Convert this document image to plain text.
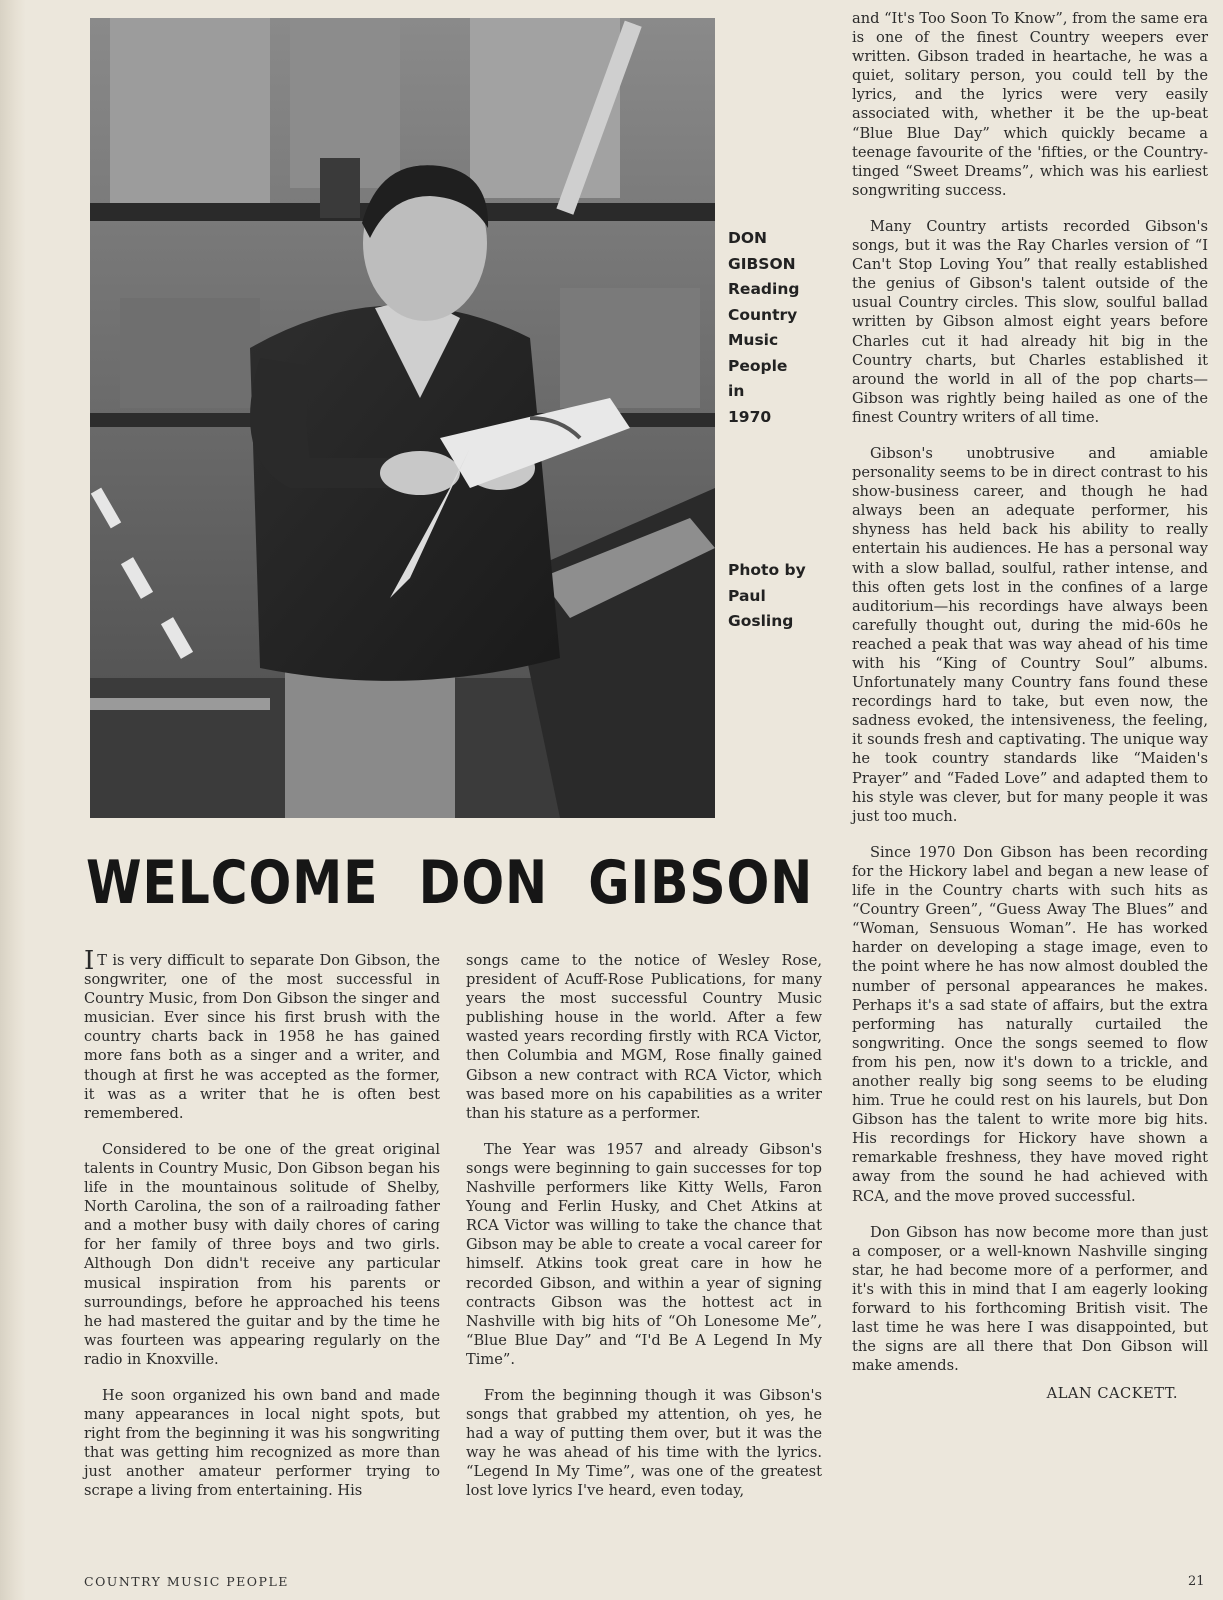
DON
GIBSON
Reading
Country
Music
People
in
1970
Photo by
Paul
Gosling
WELCOME DON GIBSON

I T is very difficult to separate Don Gibson, the songwriter, one of the most successful in Country Music, from Don Gibson the singer and musician. Ever since his first brush with the country charts back in 1958 he has gained more fans both as a singer and a writer, and though at first he was accepted as the former, it was as a writer that he is often best remembered.

Considered to be one of the great original talents in Country Music, Don Gibson began his life in the mountainous solitude of Shelby, North Carolina, the son of a railroading father and a mother busy with daily chores of caring for her family of three boys and two girls. Although Don didn't receive any particular musical inspiration from his parents or surroundings, before he approached his teens he had mastered the guitar and by the time he was fourteen was appearing regularly on the radio in Knoxville.

He soon organized his own band and made many appearances in local night spots, but right from the beginning it was his songwriting that was getting him recognized as more than just another amateur performer trying to scrape a living from entertaining. His

songs came to the notice of Wesley Rose, president of Acuff-Rose Publications, for many years the most successful Country Music publishing house in the world. After a few wasted years recording firstly with RCA Victor, then Columbia and MGM, Rose finally gained Gibson a new contract with RCA Victor, which was based more on his capabilities as a writer than his stature as a performer.

The Year was 1957 and already Gibson's songs were beginning to gain successes for top Nashville performers like Kitty Wells, Faron Young and Ferlin Husky, and Chet Atkins at RCA Victor was willing to take the chance that Gibson may be able to create a vocal career for himself. Atkins took great care in how he recorded Gibson, and within a year of signing contracts Gibson was the hottest act in Nashville with big hits of “Oh Lonesome Me”, “Blue Blue Day” and “I'd Be A Legend In My Time”.

From the beginning though it was Gibson's songs that grabbed my attention, oh yes, he had a way of putting them over, but it was the way he was ahead of his time with the lyrics. “Legend In My Time”, was one of the greatest lost love lyrics I've heard, even today,

and “It's Too Soon To Know”, from the same era is one of the finest Country weepers ever written. Gibson traded in heartache, he was a quiet, solitary person, you could tell by the lyrics, and the lyrics were very easily associated with, whether it be the up-beat “Blue Blue Day” which quickly became a teenage favourite of the 'fifties, or the Country-tinged “Sweet Dreams”, which was his earliest songwriting success.

Many Country artists recorded Gibson's songs, but it was the Ray Charles version of “I Can't Stop Loving You” that really established the genius of Gibson's talent outside of the usual Country circles. This slow, soulful ballad written by Gibson almost eight years before Charles cut it had already hit big in the Country charts, but Charles established it around the world in all of the pop charts—Gibson was rightly being hailed as one of the finest Country writers of all time.

Gibson's unobtrusive and amiable personality seems to be in direct contrast to his show-business career, and though he had always been an adequate performer, his shyness has held back his ability to really entertain his audiences. He has a personal way with a slow ballad, soulful, rather intense, and this often gets lost in the confines of a large auditorium—his recordings have always been carefully thought out, during the mid-60s he reached a peak that was way ahead of his time with his “King of Country Soul” albums. Unfortunately many Country fans found these recordings hard to take, but even now, the sadness evoked, the intensiveness, the feeling, it sounds fresh and captivating. The unique way he took country standards like “Maiden's Prayer” and “Faded Love” and adapted them to his style was clever, but for many people it was just too much.

Since 1970 Don Gibson has been recording for the Hickory label and began a new lease of life in the Country charts with such hits as “Country Green”, “Guess Away The Blues” and “Woman, Sensuous Woman”. He has worked harder on developing a stage image, even to the point where he has now almost doubled the number of personal appearances he makes. Perhaps it's a sad state of affairs, but the extra performing has naturally curtailed the songwriting. Once the songs seemed to flow from his pen, now it's down to a trickle, and another really big song seems to be eluding him. True he could rest on his laurels, but Don Gibson has the talent to write more big hits. His recordings for Hickory have shown a remarkable freshness, they have moved right away from the sound he had achieved with RCA, and the move proved successful.

Don Gibson has now become more than just a composer, or a well-known Nashville singing star, he had become more of a performer, and it's with this in mind that I am eagerly looking forward to his forthcoming British visit. The last time he was here I was disappointed, but the signs are all there that Don Gibson will make amends.

ALAN CACKETT.
COUNTRY MUSIC PEOPLE	21
